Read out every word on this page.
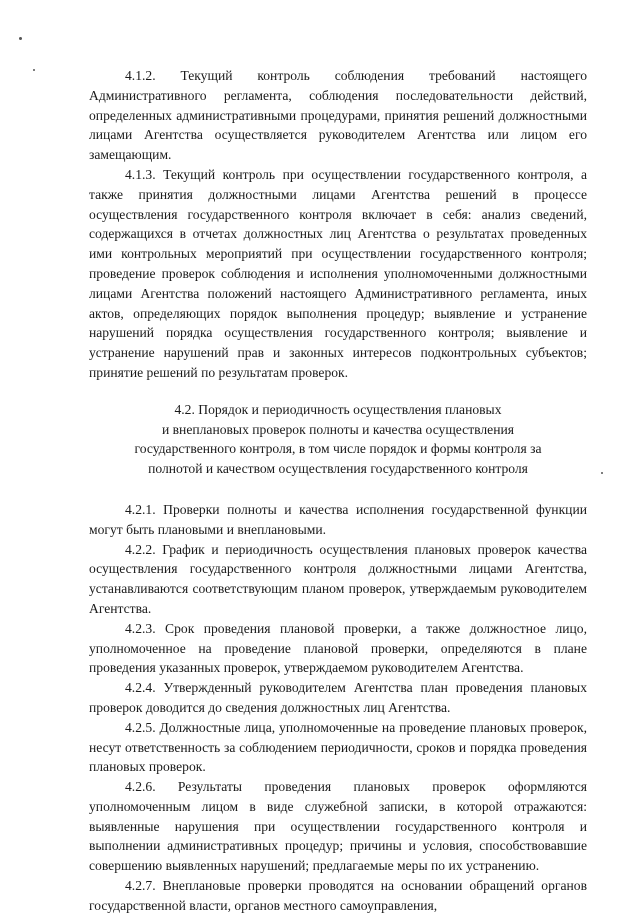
4.1.2. Текущий контроль соблюдения требований настоящего Административного регламента, соблюдения последовательности действий, определенных административными процедурами, принятия решений должностными лицами Агентства осуществляется руководителем Агентства или лицом его замещающим.

4.1.3. Текущий контроль при осуществлении государственного контроля, а также принятия должностными лицами Агентства решений в процессе осуществления государственного контроля включает в себя: анализ сведений, содержащихся в отчетах должностных лиц Агентства о результатах проведенных ими контрольных мероприятий при осуществлении государственного контроля; проведение проверок соблюдения и исполнения уполномоченными должностными лицами Агентства положений настоящего Административного регламента, иных актов, определяющих порядок выполнения процедур; выявление и устранение нарушений порядка осуществления государственного контроля; выявление и устранение нарушений прав и законных интересов подконтрольных субъектов; принятие решений по результатам проверок.

4.2. Порядок и периодичность осуществления плановых
и внеплановых проверок полноты и качества осуществления
государственного контроля, в том числе порядок и формы контроля за
полнотой и качеством осуществления государственного контроля

4.2.1. Проверки полноты и качества исполнения государственной функции могут быть плановыми и внеплановыми.

4.2.2. График и периодичность осуществления плановых проверок качества осуществления государственного контроля должностными лицами Агентства, устанавливаются соответствующим планом проверок, утверждаемым руководителем Агентства.

4.2.3. Срок проведения плановой проверки, а также должностное лицо, уполномоченное на проведение плановой проверки, определяются в плане проведения указанных проверок, утверждаемом руководителем Агентства.

4.2.4. Утвержденный руководителем Агентства план проведения плановых проверок доводится до сведения должностных лиц Агентства.

4.2.5. Должностные лица, уполномоченные на проведение плановых проверок, несут ответственность за соблюдением периодичности, сроков и порядка проведения плановых проверок.

4.2.6. Результаты проведения плановых проверок оформляются уполномоченным лицом в виде служебной записки, в которой отражаются: выявленные нарушения при осуществлении государственного контроля и выполнении административных процедур; причины и условия, способствовавшие совершению выявленных нарушений; предлагаемые меры по их устранению.

4.2.7. Внеплановые проверки проводятся на основании обращений органов государственной власти, органов местного самоуправления,
